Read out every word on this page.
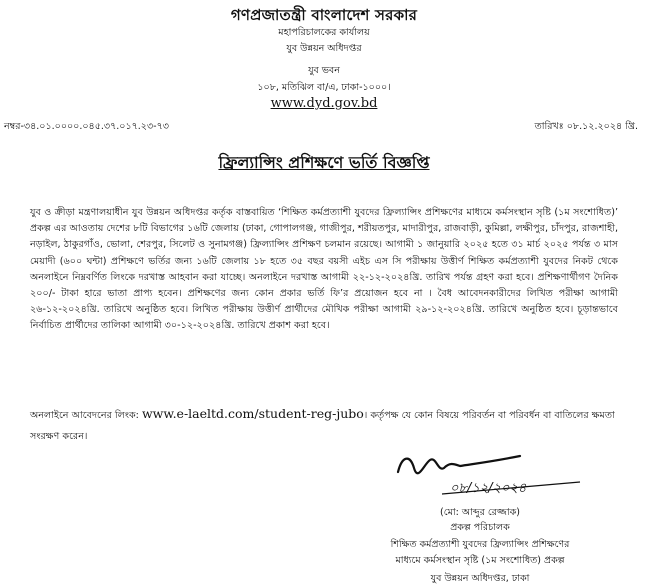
গণপ্রজাতন্ত্রী বাংলাদেশ সরকার
মহাপরিচালকের কার্যালয়
যুব উন্নয়ন অধিদপ্তর
যুব ভবন
১০৮, মতিঝিল বা/এ, ঢাকা-১০০০।
www.dyd.gov.bd
নম্বর-৩৪.০১.০০০০.০৪৫.৩৭.০১৭.২৩-৭৩	তারিখঃ ০৮.১২.২০২৪ খ্রি.
ফ্রিল্যান্সিং প্রশিক্ষণে ভর্তি বিজ্ঞপ্তি

যুব ও ক্রীড়া মন্ত্রণালয়াধীন যুব উন্নয়ন অধিদপ্তর কর্তৃক বাস্তবায়িত ‘শিক্ষিত কর্মপ্রত্যাশী যুবদের ফ্রিল্যান্সিং প্রশিক্ষণের মাধ্যমে কর্মসংস্থান সৃষ্টি (১ম সংশোধিত)’ প্রকল্প এর আওতায় দেশের ৮টি বিভাগের ১৬টি জেলায় (ঢাকা, গোপালগঞ্জ, গাজীপুর, শরীয়তপুর, মাদারীপুর, রাজবাড়ী, কুমিল্লা, লক্ষীপুর, চাঁদপুর, রাজশাহী, নড়াইল, ঠাকুরগাঁও, ভোলা, শেরপুর, সিলেট ও সুনামগঞ্জ) ফ্রিল্যান্সিং প্রশিক্ষণ চলমান রয়েছে। আগামী ১ জানুয়ারি ২০২৫ হতে ৩১ মার্চ ২০২৫ পর্যন্ত ৩ মাস মেয়াদী (৬০০ ঘন্টা) প্রশিক্ষণে ভর্তির জন্য ১৬টি জেলায় ১৮ হতে ৩৫ বছর বয়সী এইচ এস সি পরীক্ষায় উত্তীর্ণ শিক্ষিত কর্মপ্রত্যাশী যুবদের নিকট থেকে অনলাইনে নিম্নবর্ণিত লিংকে দরখাস্ত আহবান করা যাচ্ছে। অনলাইনে দরখাস্ত আগামী ২২-১২-২০২৪খ্রি. তারিখ পর্যন্ত গ্রহণ করা হবে। প্রশিক্ষণার্থীগণ দৈনিক ২০০/- টাকা হারে ভাতা প্রাপ্য হবেন। প্রশিক্ষণের জন্য কোন প্রকার ভর্তি ফি’র প্রয়োজন হবে না । বৈধ আবেদনকারীদের লিখিত পরীক্ষা আগামী ২৬-১২-২০২৪খ্রি. তারিখে অনুষ্ঠিত হবে। লিখিত পরীক্ষায় উত্তীর্ণ প্রার্থীদের মৌখিক পরীক্ষা আগামী ২৯-১২-২০২৪খ্রি. তারিখে অনুষ্ঠিত হবে। চূড়ান্তভাবে নির্বাচিত প্রার্থীদের তালিকা আগামী ৩০-১২-২০২৪খ্রি. তারিখে প্রকাশ করা হবে।

অনলাইনে আবেদনের লিংক: www.e-laeltd.com/student-reg-jubo। কর্তৃপক্ষ যে কোন বিষয়ে পরিবর্তন বা পরিবর্ধন বা বাতিলের ক্ষমতা সংরক্ষণ করেন।
০৮/১২/২০২৪
(মো: আব্দুর রেজ্জাক)
প্রকল্প পরিচালক
শিক্ষিত কর্মপ্রত্যাশী যুবদের ফ্রিল্যান্সিং প্রশিক্ষণের
মাধ্যমে কর্মসংস্থান সৃষ্টি (১ম সংশোধিত) প্রকল্প
যুব উন্নয়ন অধিদপ্তর, ঢাকা
